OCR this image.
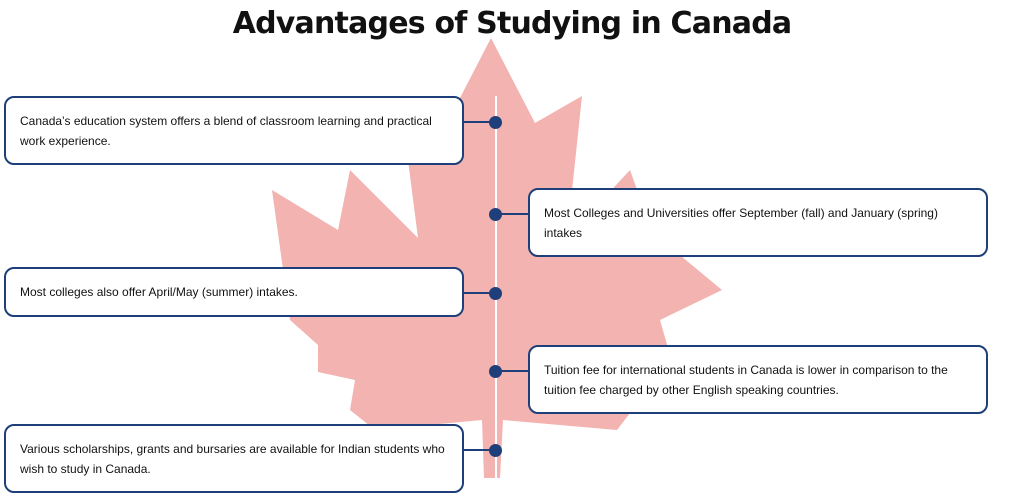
Advantages of Studying in Canada
Canada’s education system offers a blend of classroom learning and practical work experience.
Most Colleges and Universities offer September (fall) and January (spring) intakes
Most colleges also offer April/May (summer) intakes.
Tuition fee for international students in Canada is lower in comparison to the tuition fee charged by other English speaking countries.
Various scholarships, grants and bursaries are available for Indian students who wish to study in Canada.
